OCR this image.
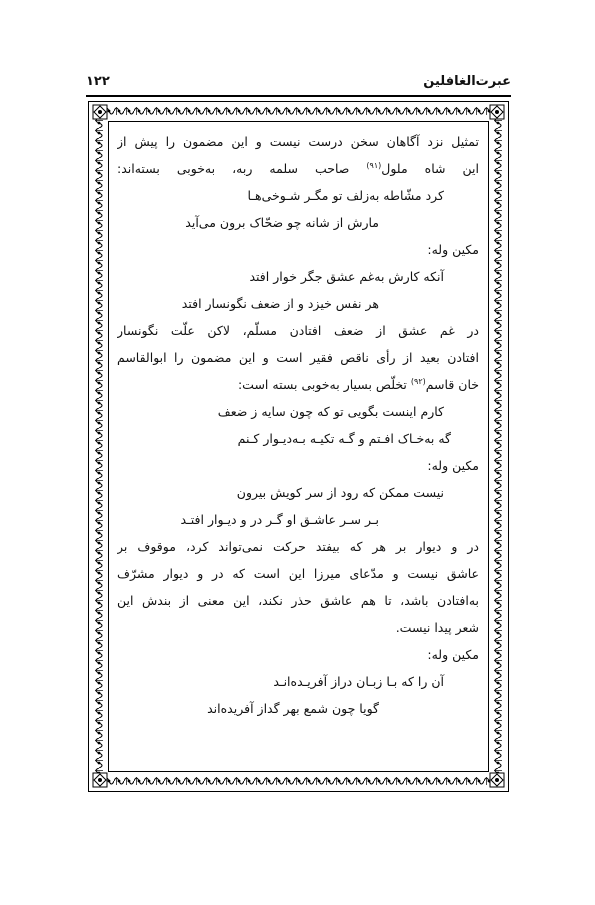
عبرت‌الغافلین
۱۲۲
تمثیل نزد آگاهان سخن درست نیست و این مضمون را پیش از
این شاه ملول$^{(۹۱)}$ صاحب سلمه ربه، به‌خوبی بسته‌اند:
کرد مشّاطه به‌زلف تو مگـر شـوخی‌هـا
مارش از شانه چو ضحّاک برون می‌آید
مکین وله:
آنکه کارش به‌غم عشق جگر خوار افتد
هر نفس خیزد و از ضعف نگونسار افتد
در غم عشق از ضعف افتادن مسلّم، لاکن علّت نگونسار
افتادن بعید از رأی ناقص فقیر است و این مضمون را ابوالقاسم
خان قاسم$^{(۹۲)}$ تخلّص بسیار به‌خوبی بسته است:
کارم اینست بگویی تو که چون سایه ز ضعف
گه به‌خـاک افـتم و گـه تکیـه بـه‌دیـوار کـنم
مکین وله:
نیست ممکن که رود از سر کویش بیرون
بـر سـر عاشـق او گـر در و دیـوار افتـد
در و دیوار بر هر که بیفتد حرکت نمی‌تواند کرد، موقوف بر
عاشق نیست و مدّعای میرزا این است که در و دیوار مشرّف
به‌افتادن باشد، تا هم عاشق حذر نکند، این معنی از بندش این
شعر پیدا نیست.
مکین وله:
آن را که بـا زبـان دراز آفریـده‌انـد
گویا چون شمع بهر گداز آفریده‌اند
